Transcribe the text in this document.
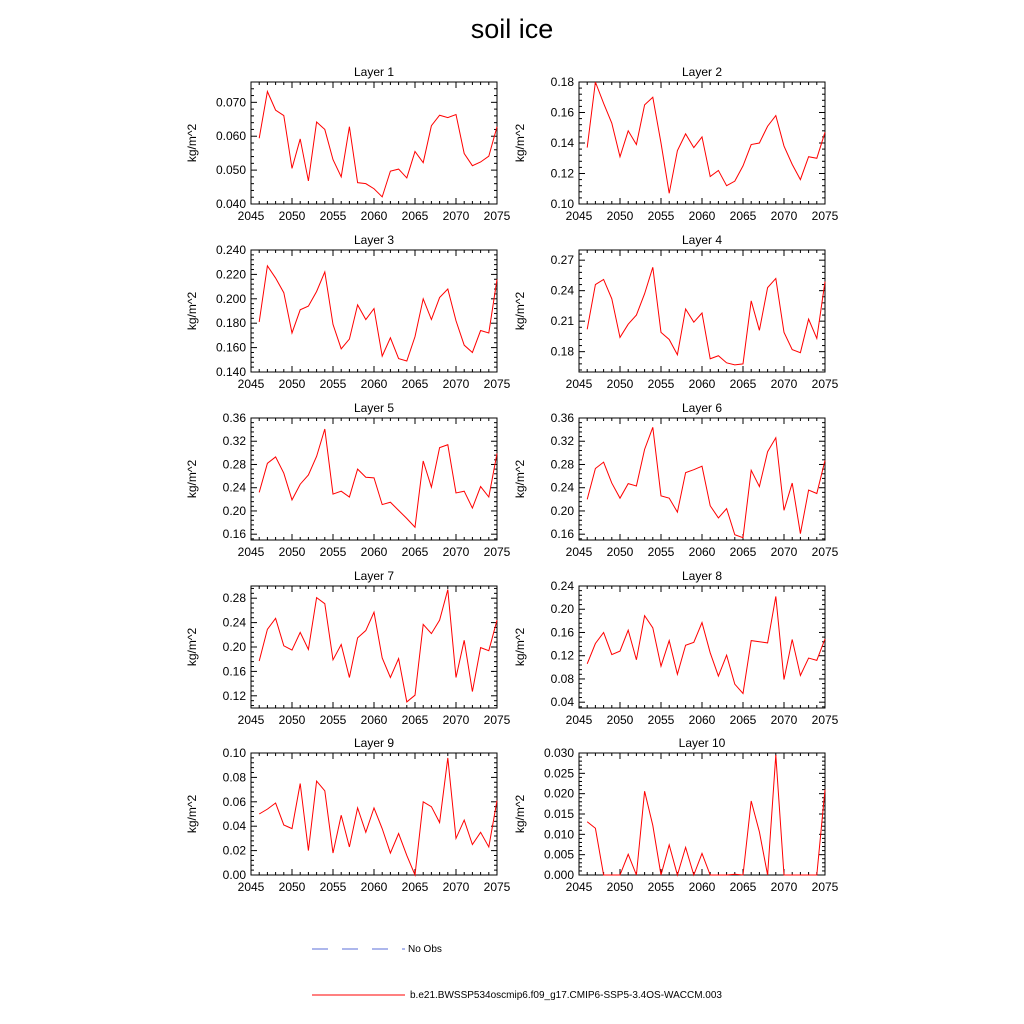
soil ice
Layer 1
kg/m^2
2045 2050 2055 2060 2065 2070 2075
0.040
0.050
0.060
0.070
Layer 2
kg/m^2
2045 2050 2055 2060 2065 2070 2075
0.10
0.12
0.14
0.16
0.18
Layer 3
kg/m^2
2045 2050 2055 2060 2065 2070 2075
0.140
0.160
0.180
0.200
0.220
0.240
Layer 4
kg/m^2
2045 2050 2055 2060 2065 2070 2075
0.18
0.21
0.24
0.27
Layer 5
kg/m^2
2045 2050 2055 2060 2065 2070 2075
0.16
0.20
0.24
0.28
0.32
0.36
Layer 6
kg/m^2
2045 2050 2055 2060 2065 2070 2075
0.16
0.20
0.24
0.28
0.32
0.36
Layer 7
kg/m^2
2045 2050 2055 2060 2065 2070 2075
0.12
0.16
0.20
0.24
0.28
Layer 8
kg/m^2
2045 2050 2055 2060 2065 2070 2075
0.04
0.08
0.12
0.16
0.20
0.24
Layer 9
kg/m^2
2045 2050 2055 2060 2065 2070 2075
0.00
0.02
0.04
0.06
0.08
0.10
Layer 10
kg/m^2
2045 2050 2055 2060 2065 2070 2075
0.000
0.005
0.010
0.015
0.020
0.025
0.030
No Obs
b.e21.BWSSP534oscmip6.f09_g17.CMIP6-SSP5-3.4OS-WACCM.003
